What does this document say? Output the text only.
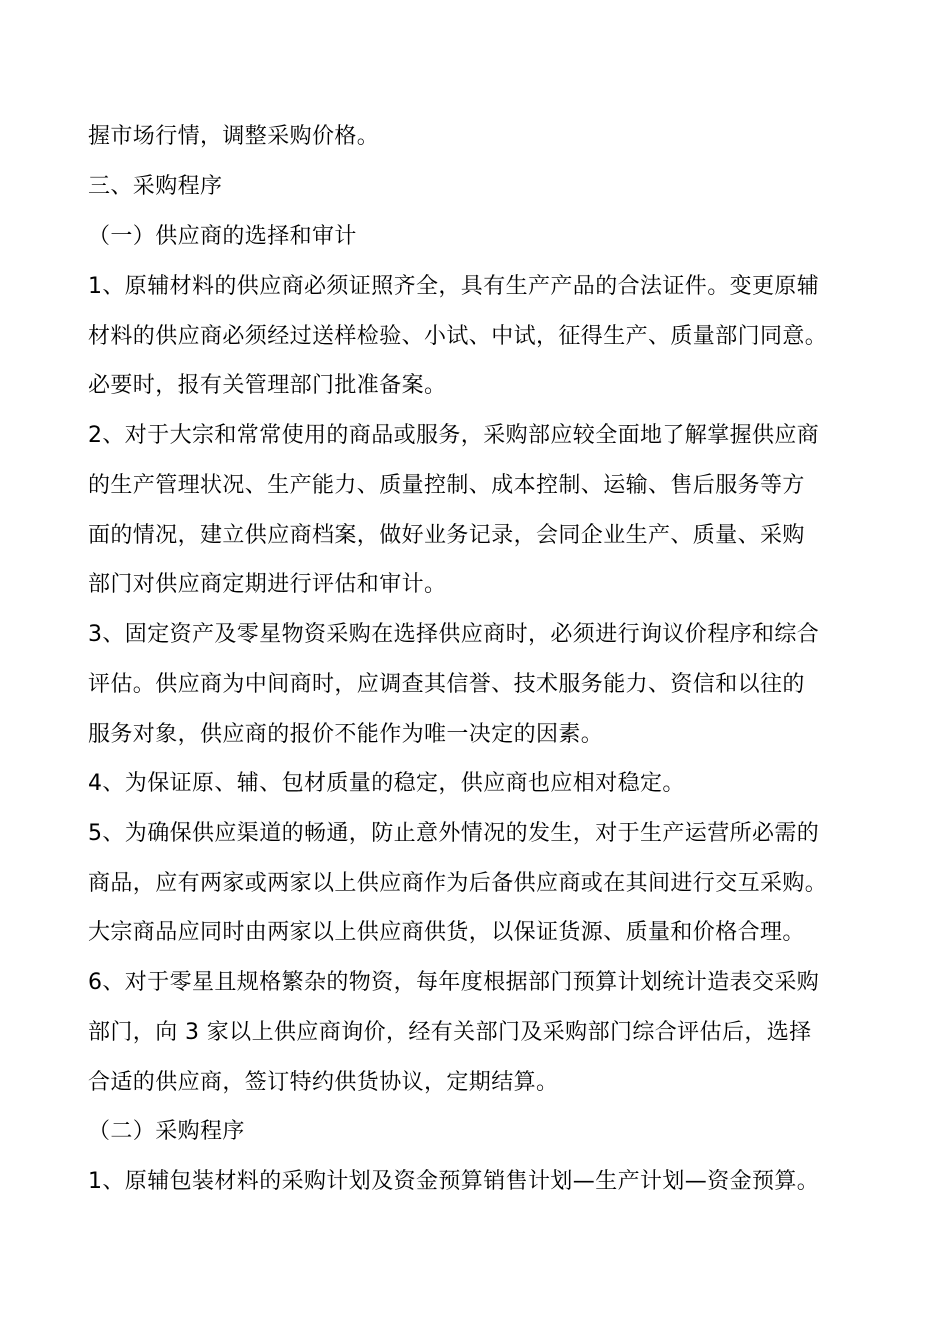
握市场行情，调整采购价格。
三、采购程序
（一）供应商的选择和审计
1、原辅材料的供应商必须证照齐全，具有生产产品的合法证件。变更原辅
材料的供应商必须经过送样检验、小试、中试，征得生产、质量部门同意。
必要时，报有关管理部门批准备案。
2、对于大宗和常常使用的商品或服务，采购部应较全面地了解掌握供应商
的生产管理状况、生产能力、质量控制、成本控制、运输、售后服务等方
面的情况，建立供应商档案，做好业务记录，会同企业生产、质量、采购
部门对供应商定期进行评估和审计。
3、固定资产及零星物资采购在选择供应商时，必须进行询议价程序和综合
评估。供应商为中间商时，应调查其信誉、技术服务能力、资信和以往的
服务对象，供应商的报价不能作为唯一决定的因素。
4、为保证原、辅、包材质量的稳定，供应商也应相对稳定。
5、为确保供应渠道的畅通，防止意外情况的发生，对于生产运营所必需的
商品，应有两家或两家以上供应商作为后备供应商或在其间进行交互采购。
大宗商品应同时由两家以上供应商供货，以保证货源、质量和价格合理。
6、对于零星且规格繁杂的物资，每年度根据部门预算计划统计造表交采购
部门，向 3 家以上供应商询价，经有关部门及采购部门综合评估后，选择
合适的供应商，签订特约供货协议，定期结算。
（二）采购程序
1、原辅包装材料的采购计划及资金预算销售计划—生产计划—资金预算。
